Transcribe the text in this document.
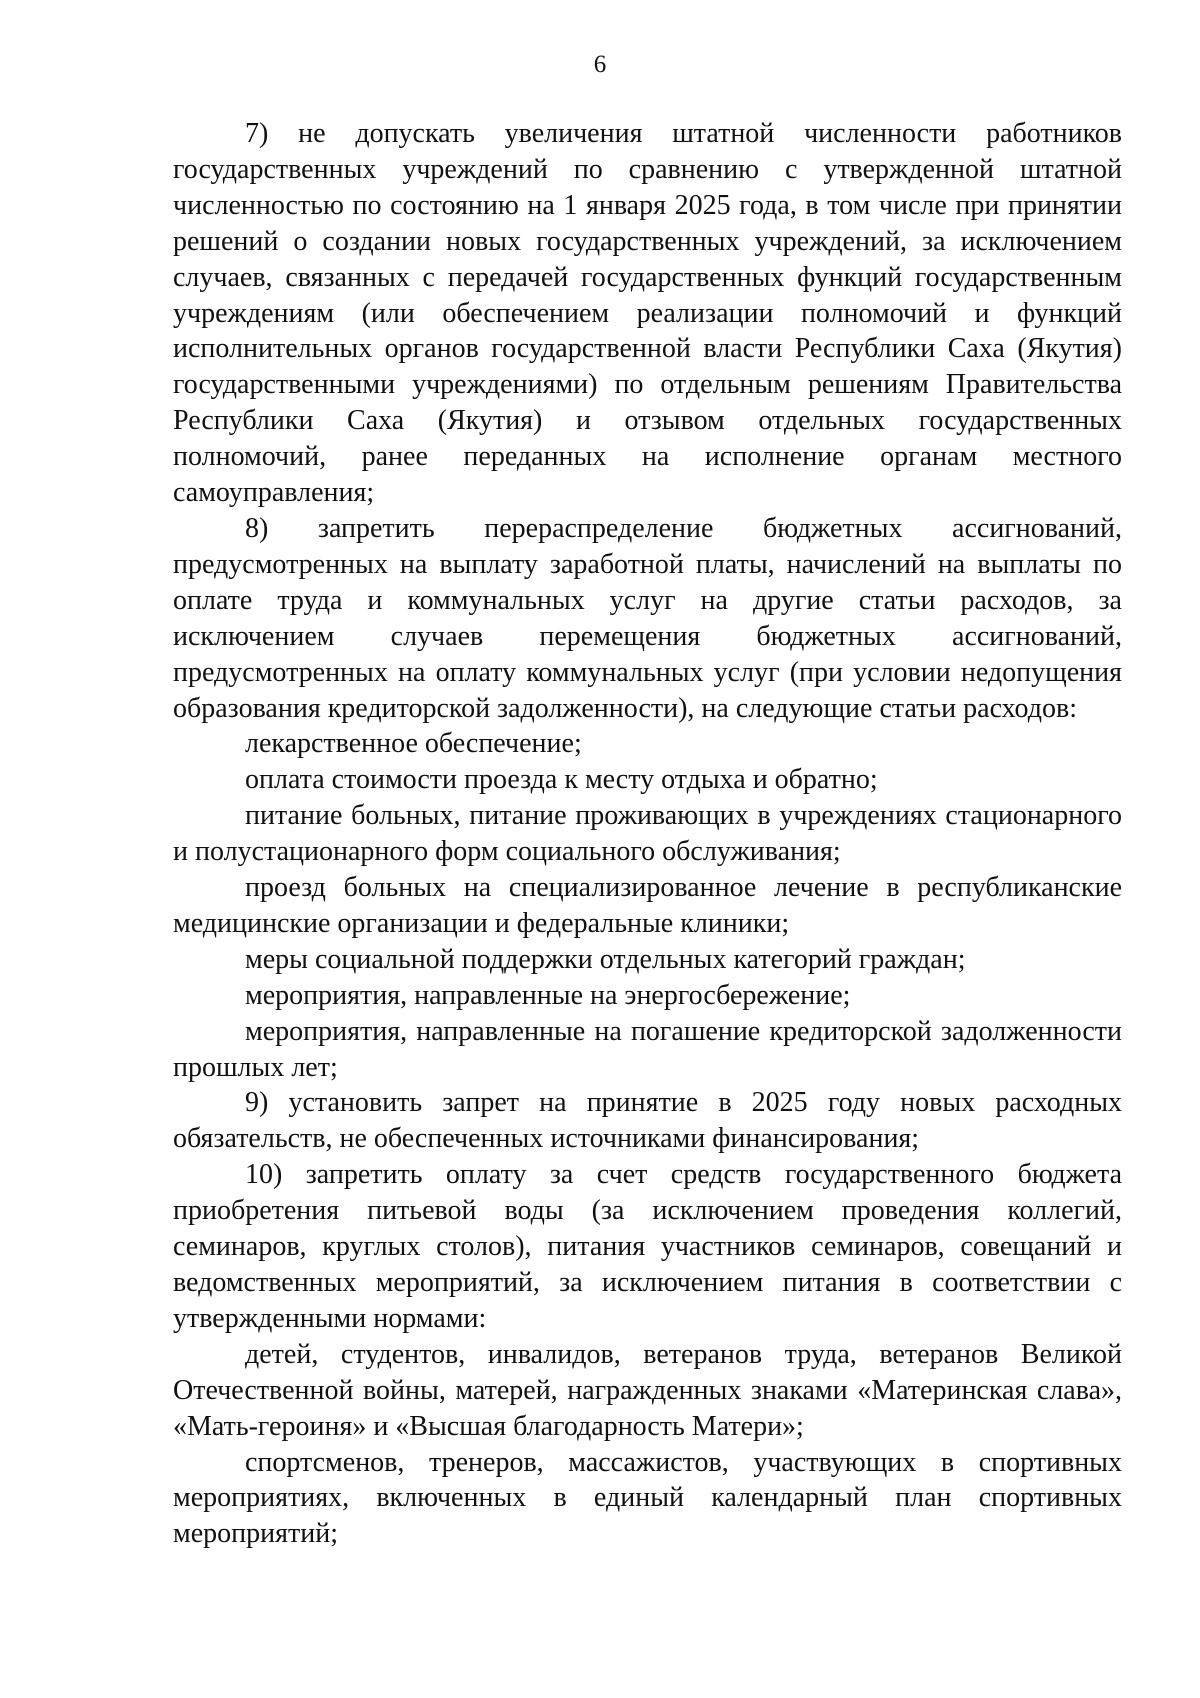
6

7) не допускать увеличения штатной численности работников государственных учреждений по сравнению с утвержденной штатной численностью по состоянию на 1 января 2025 года, в том числе при принятии решений о создании новых государственных учреждений, за исключением случаев, связанных с передачей государственных функций государственным учреждениям (или обеспечением реализации полномочий и функций исполнительных органов государственной власти Республики Саха (Якутия) государственными учреждениями) по отдельным решениям Правительства Республики Саха (Якутия) и отзывом отдельных государственных полномочий, ранее переданных на исполнение органам местного самоуправления;

8) запретить перераспределение бюджетных ассигнований, предусмотренных на выплату заработной платы, начислений на выплаты по оплате труда и коммунальных услуг на другие статьи расходов, за исключением случаев перемещения бюджетных ассигнований, предусмотренных на оплату коммунальных услуг (при условии недопущения образования кредиторской задолженности), на следующие статьи расходов:

лекарственное обеспечение;

оплата стоимости проезда к месту отдыха и обратно;

питание больных, питание проживающих в учреждениях стационарного и полустационарного форм социального обслуживания;

проезд больных на специализированное лечение в республиканские медицинские организации и федеральные клиники;

меры социальной поддержки отдельных категорий граждан;

мероприятия, направленные на энергосбережение;

мероприятия, направленные на погашение кредиторской задолженности прошлых лет;

9) установить запрет на принятие в 2025 году новых расходных обязательств, не обеспеченных источниками финансирования;

10) запретить оплату за счет средств государственного бюджета приобретения питьевой воды (за исключением проведения коллегий, семинаров, круглых столов), питания участников семинаров, совещаний и ведомственных мероприятий, за исключением питания в соответствии с утвержденными нормами:

детей, студентов, инвалидов, ветеранов труда, ветеранов Великой Отечественной войны, матерей, награжденных знаками «Материнская слава», «Мать-героиня» и «Высшая благодарность Матери»;

спортсменов, тренеров, массажистов, участвующих в спортивных мероприятиях, включенных в единый календарный план спортивных мероприятий;
